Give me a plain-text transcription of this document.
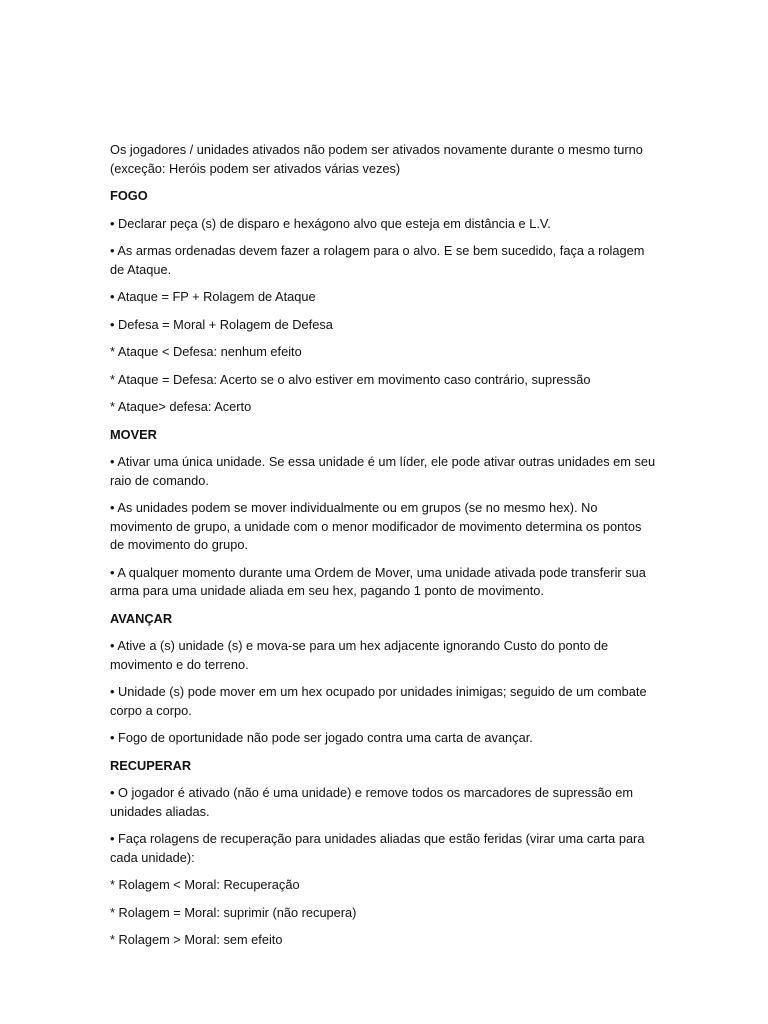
Os jogadores / unidades ativados não podem ser ativados novamente durante o mesmo turno (exceção: Heróis podem ser ativados várias vezes)

FOGO

• Declarar peça (s) de disparo e hexágono alvo que esteja em distância e L.V.

• As armas ordenadas devem fazer a rolagem para o alvo. E se bem sucedido, faça a rolagem de Ataque.

• Ataque = FP + Rolagem de Ataque

• Defesa = Moral + Rolagem de Defesa

* Ataque < Defesa: nenhum efeito

* Ataque = Defesa: Acerto se o alvo estiver em movimento caso contrário, supressão

* Ataque> defesa: Acerto

MOVER

• Ativar uma única unidade. Se essa unidade é um líder, ele pode ativar outras unidades em seu raio de comando.

• As unidades podem se mover individualmente ou em grupos (se no mesmo hex). No movimento de grupo, a unidade com o menor modificador de movimento determina os pontos de movimento do grupo.

• A qualquer momento durante uma Ordem de Mover, uma unidade ativada pode transferir sua arma para uma unidade aliada em seu hex, pagando 1 ponto de movimento.

AVANÇAR

• Ative a (s) unidade (s) e mova-se para um hex adjacente ignorando Custo do ponto de movimento e do terreno.

• Unidade (s) pode mover em um hex ocupado por unidades inimigas; seguido de um combate corpo a corpo.

• Fogo de oportunidade não pode ser jogado contra uma carta de avançar.

RECUPERAR

• O jogador é ativado (não é uma unidade) e remove todos os marcadores de supressão em unidades aliadas.

• Faça rolagens de recuperação para unidades aliadas que estão feridas (virar uma carta para cada unidade):

* Rolagem < Moral: Recuperação

* Rolagem = Moral: suprimir (não recupera)

* Rolagem > Moral: sem efeito
